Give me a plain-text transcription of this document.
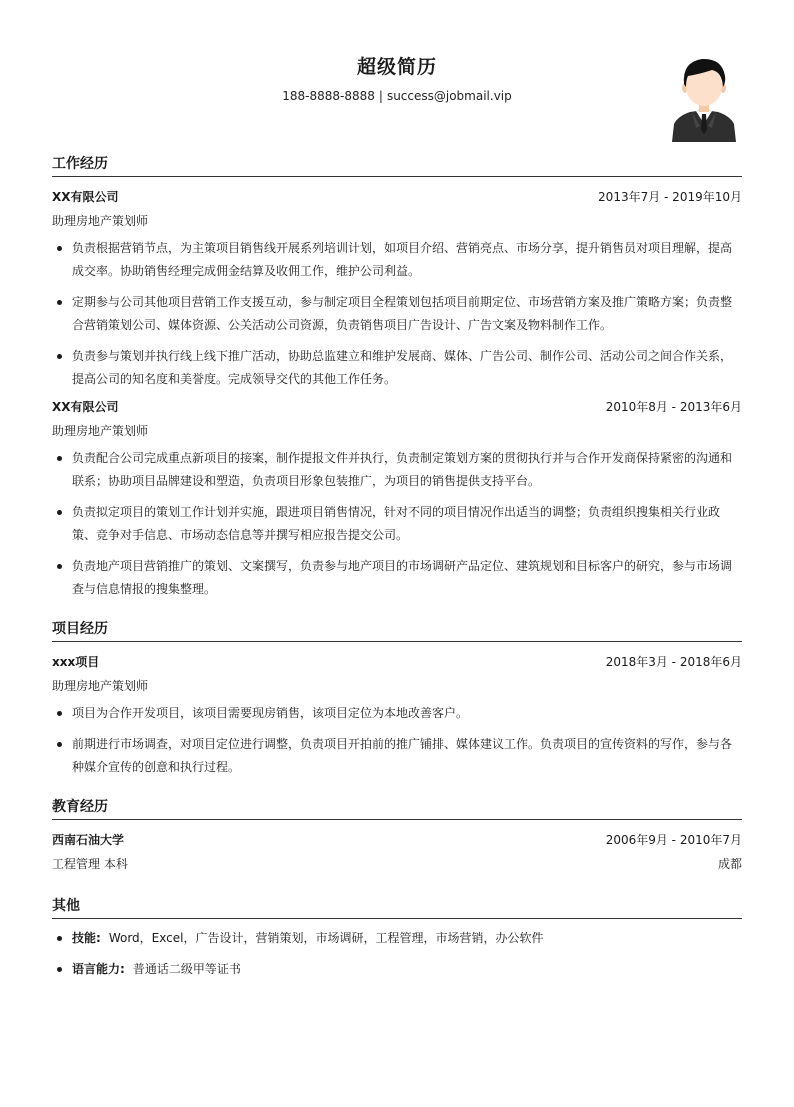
超级简历
188-8888-8888 | success@jobmail.vip
工作经历
XX有限公司	2013年7月 - 2019年10月
助理房地产策划师
负责根据营销节点，为主策项目销售线开展系列培训计划，如项目介绍、营销亮点、市场分享，提升销售员对项目理解，提高成交率。协助销售经理完成佣金结算及收佣工作，维护公司利益。
定期参与公司其他项目营销工作支援互动，参与制定项目全程策划包括项目前期定位、市场营销方案及推广策略方案；负责整合营销策划公司、媒体资源、公关活动公司资源，负责销售项目广告设计、广告文案及物料制作工作。
负责参与策划并执行线上线下推广活动，协助总监建立和维护发展商、媒体、广告公司、制作公司、活动公司之间合作关系，提高公司的知名度和美誉度。完成领导交代的其他工作任务。
XX有限公司	2010年8月 - 2013年6月
助理房地产策划师
负责配合公司完成重点新项目的接案，制作提报文件并执行，负责制定策划方案的贯彻执行并与合作开发商保持紧密的沟通和联系；协助项目品牌建设和塑造，负责项目形象包装推广，为项目的销售提供支持平台。
负责拟定项目的策划工作计划并实施，跟进项目销售情况，针对不同的项目情况作出适当的调整；负责组织搜集相关行业政策、竞争对手信息、市场动态信息等并撰写相应报告提交公司。
负责地产项目营销推广的策划、文案撰写，负责参与地产项目的市场调研产品定位、建筑规划和目标客户的研究，参与市场调查与信息情报的搜集整理。
项目经历
xxx项目	2018年3月 - 2018年6月
助理房地产策划师
项目为合作开发项目，该项目需要现房销售，该项目定位为本地改善客户。
前期进行市场调查，对项目定位进行调整，负责项目开拍前的推广铺排、媒体建议工作。负责项目的宣传资料的写作，参与各种媒介宣传的创意和执行过程。
教育经历
西南石油大学	2006年9月 - 2010年7月
工程管理 本科	成都
其他
技能: Word，Excel，广告设计，营销策划，市场调研，工程管理，市场营销，办公软件
语言能力: 普通话二级甲等证书
